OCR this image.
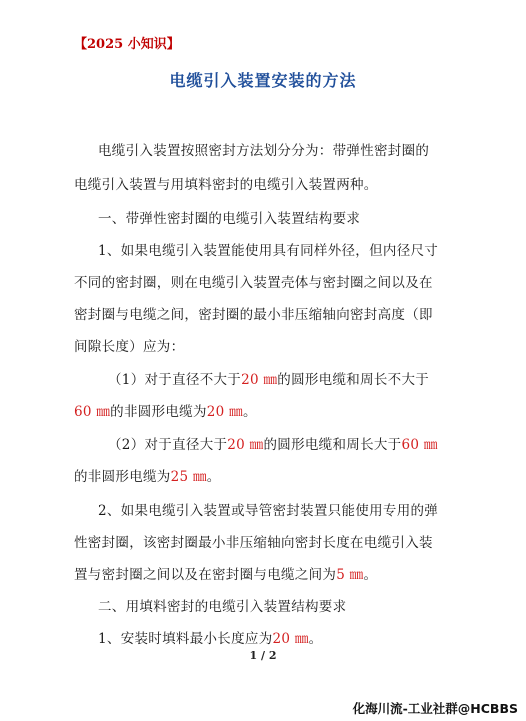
【2025 小知识】
电缆引入装置安装的方法
电缆引入装置按照密封方法划分分为：带弹性密封圈的
电缆引入装置与用填料密封的电缆引入装置两种。
一、带弹性密封圈的电缆引入装置结构要求
1、如果电缆引入装置能使用具有同样外径，但内径尺寸
不同的密封圈，则在电缆引入装置壳体与密封圈之间以及在
密封圈与电缆之间，密封圈的最小非压缩轴向密封高度（即
间隙长度）应为：
（1）对于直径不大于20 ㎜的圆形电缆和周长不大于
60 ㎜的非圆形电缆为20 ㎜。
（2）对于直径大于20 ㎜的圆形电缆和周长大于60 ㎜
的非圆形电缆为25 ㎜。
2、如果电缆引入装置或导管密封装置只能使用专用的弹
性密封圈，该密封圈最小非压缩轴向密封长度在电缆引入装
置与密封圈之间以及在密封圈与电缆之间为5 ㎜。
二、用填料密封的电缆引入装置结构要求
1、安装时填料最小长度应为20 ㎜。
1 / 2
化海川流-工业社群@HCBBS
